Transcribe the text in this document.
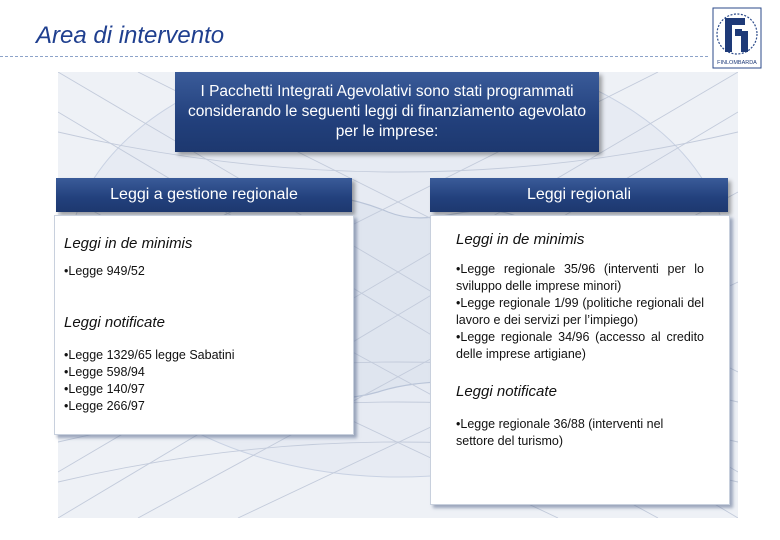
Area di intervento
FINLOMBARDA
I Pacchetti Integrati Agevolativi sono stati programmati considerando le seguenti leggi di finanziamento agevolato per le imprese:
Leggi a gestione regionale	Leggi regionali

Leggi in de minimis

•Legge 949/52

Leggi notificate

•Legge 1329/65 legge Sabatini
•Legge 598/94
•Legge 140/97
•Legge 266/97

Leggi in de minimis

•Legge regionale 35/96 (interventi per lo sviluppo delle imprese minori)
•Legge regionale 1/99 (politiche regionali del lavoro e dei servizi per l’impiego)
•Legge regionale 34/96 (accesso al credito delle imprese artigiane)

Leggi notificate

•Legge regionale 36/88 (interventi nel settore del turismo)
